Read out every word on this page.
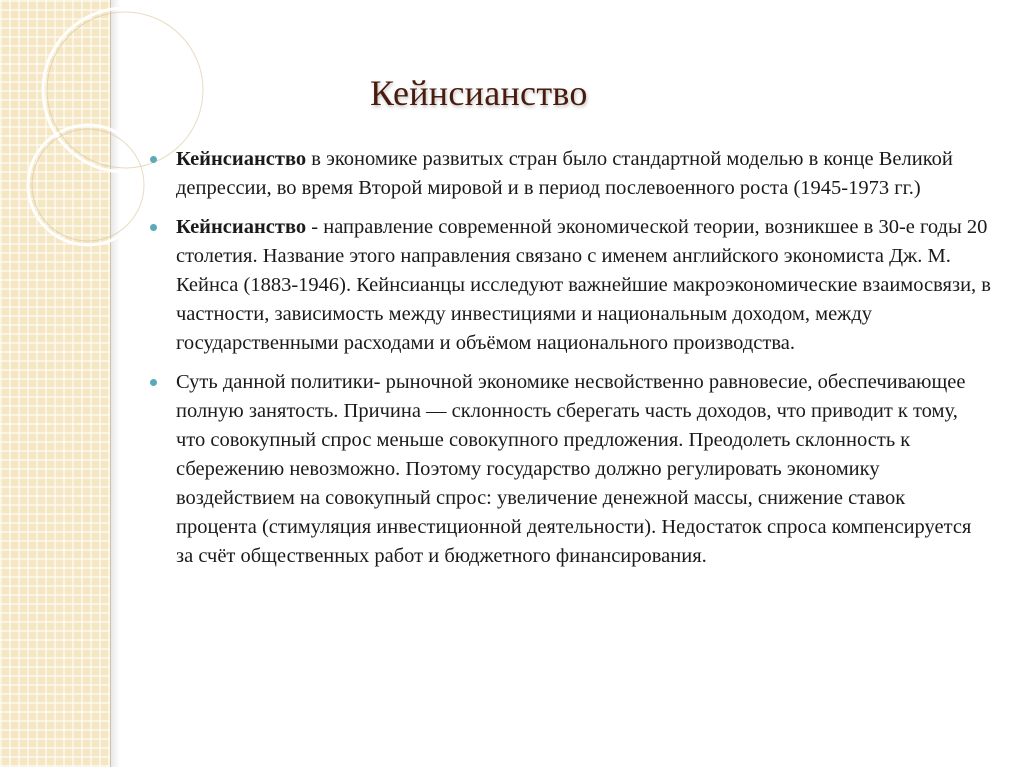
Кейнсианство
Кейнсианство в экономике развитых стран было стандартной моделью в конце Великой депрессии, во время Второй мировой и в период послевоенного роста (1945-1973 гг.)
Кейнсианство - направление современной экономической теории, возникшее в 30-е годы 20 столетия. Название этого направления связано с именем английского экономиста Дж. М. Кейнса (1883-1946). Кейнсианцы исследуют важнейшие макроэкономические взаимосвязи, в частности, зависимость между инвестициями и национальным доходом, между государственными расходами и объёмом национального производства.
Суть данной политики- рыночной экономике несвойственно равновесие, обеспечивающее полную занятость. Причина — склонность сберегать часть доходов, что приводит к тому, что совокупный спрос меньше совокупного предложения. Преодолеть склонность к сбережению невозможно. Поэтому государство должно регулировать экономику воздействием на совокупный спрос: увеличение денежной массы, снижение ставок процента (стимуляция инвестиционной деятельности). Недостаток спроса компенсируется за счёт общественных работ и бюджетного финансирования.
